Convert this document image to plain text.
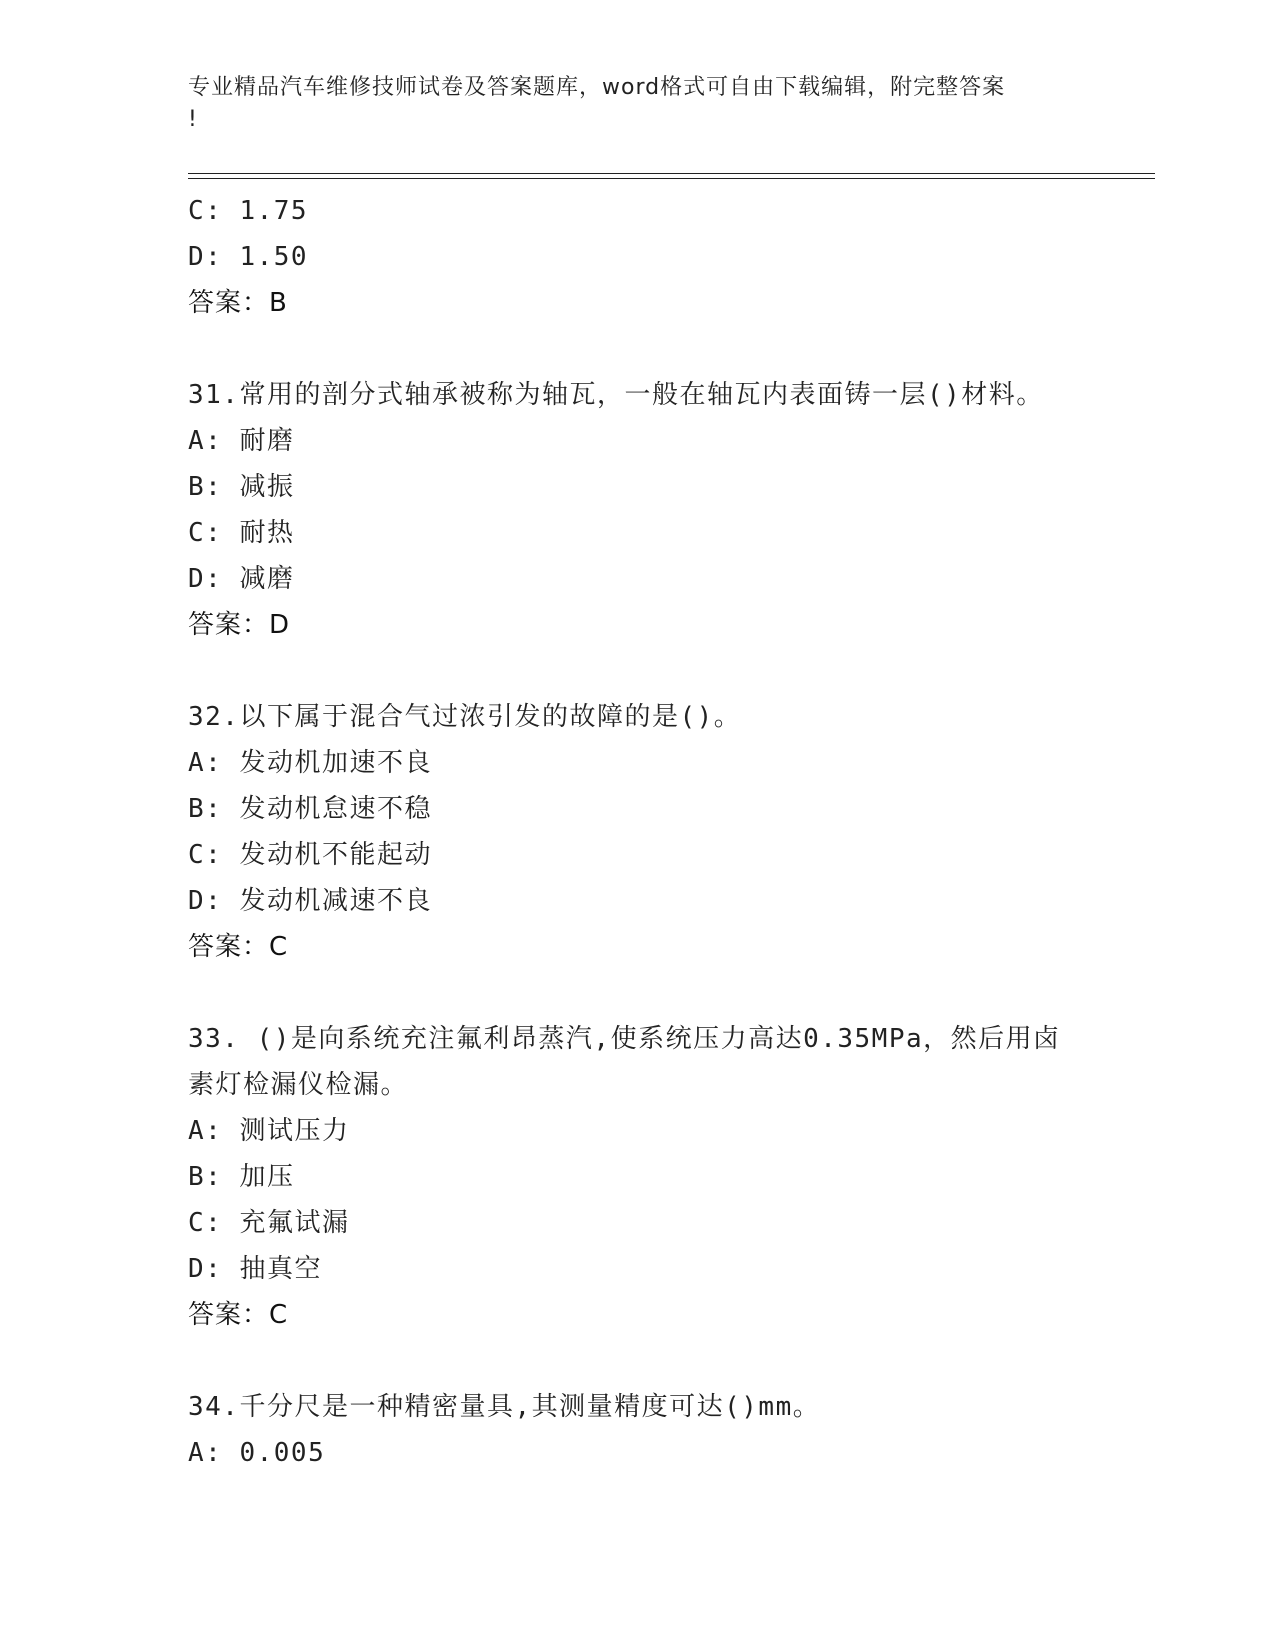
专业精品汽车维修技师试卷及答案题库，word格式可自由下载编辑，附完整答案
!
C: 1.75
D: 1.50
答案：B
31.常用的剖分式轴承被称为轴瓦，一般在轴瓦内表面铸一层()材料。
A: 耐磨
B: 减振
C: 耐热
D: 减磨
答案：D
32.以下属于混合气过浓引发的故障的是()。
A: 发动机加速不良
B: 发动机怠速不稳
C: 发动机不能起动
D: 发动机减速不良
答案：C
33. ()是向系统充注氟利昂蒸汽,使系统压力高达0.35MPa，然后用卤
素灯检漏仪检漏。
A: 测试压力
B: 加压
C: 充氟试漏
D: 抽真空
答案：C
34.千分尺是一种精密量具,其测量精度可达()mm。
A: 0.005
